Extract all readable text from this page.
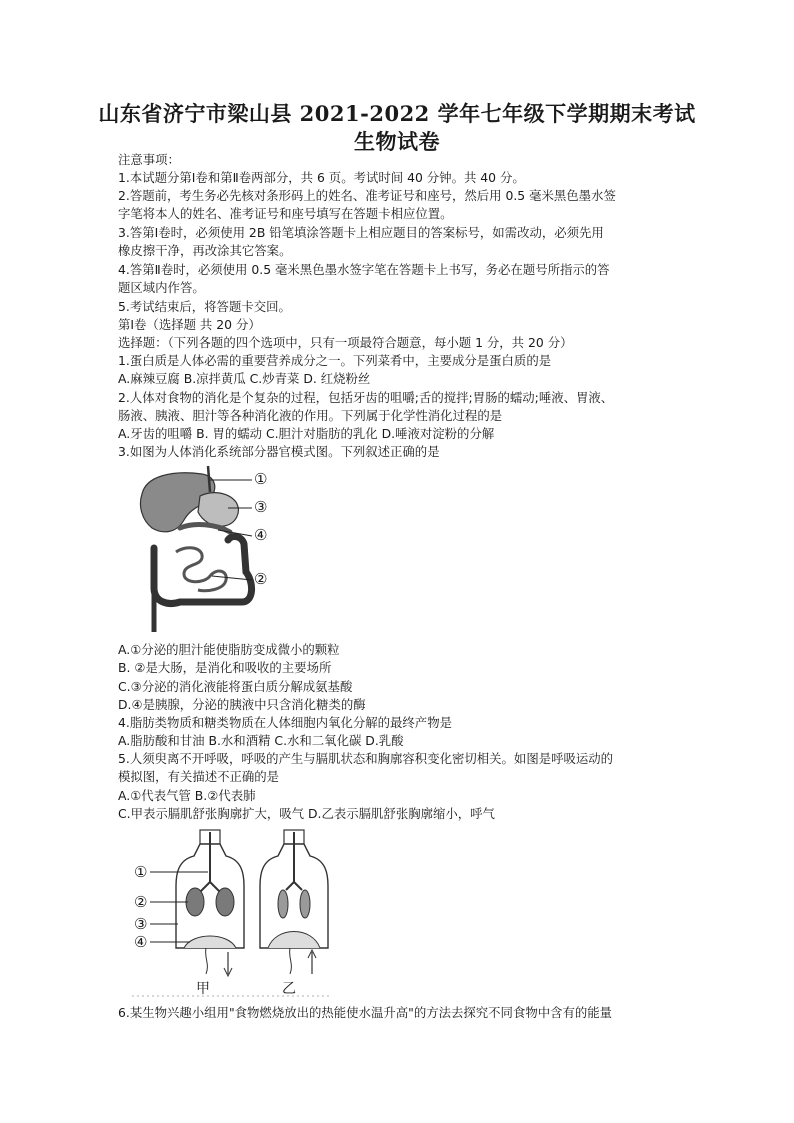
山东省济宁市梁山县 2021-2022 学年七年级下学期期末考试
生物试卷
注意事项：
1.本试题分第Ⅰ卷和第Ⅱ卷两部分，共 6 页。考试时间 40 分钟。共 40 分。
2.答题前，考生务必先核对条形码上的姓名、准考证号和座号，然后用 0.5 毫米黑色墨水签
字笔将本人的姓名、准考证号和座号填写在答题卡相应位置。
3.答第Ⅰ卷时，必须使用 2B 铅笔填涂答题卡上相应题目的答案标号，如需改动，必须先用
橡皮擦干净，再改涂其它答案。
4.答第Ⅱ卷时，必须使用 0.5 毫米黑色墨水签字笔在答题卡上书写，务必在题号所指示的答
题区域内作答。
5.考试结束后，将答题卡交回。
第Ⅰ卷（选择题 共 20 分）
选择题：（下列各题的四个选项中，只有一项最符合题意，每小题 1 分，共 20 分）
1.蛋白质是人体必需的重要营养成分之一。下列菜肴中，主要成分是蛋白质的是
A.麻辣豆腐 B.凉拌黄瓜 C.炒青菜 D. 红烧粉丝
2.人体对食物的消化是个复杂的过程，包括牙齿的咀嚼;舌的搅拌;胃肠的蠕动;唾液、胃液、
肠液、胰液、胆汁等各种消化液的作用。下列属于化学性消化过程的是
A.牙齿的咀嚼 B. 胃的蠕动 C.胆汁对脂肪的乳化 D.唾液对淀粉的分解
3.如图为人体消化系统部分器官模式图。下列叙述正确的是
①
③
④
②
A.①分泌的胆汁能使脂肪变成微小的颗粒
B. ②是大肠，是消化和吸收的主要场所
C.③分泌的消化液能将蛋白质分解成氨基酸
D.④是胰腺，分泌的胰液中只含消化糖类的酶
4.脂肪类物质和糖类物质在人体细胞内氧化分解的最终产物是
A.脂肪酸和甘油 B.水和酒精 C.水和二氧化碳 D.乳酸
5.人须臾离不开呼吸，呼吸的产生与膈肌状态和胸廓容积变化密切相关。如图是呼吸运动的
模拟图，有关描述不正确的是
A.①代表气管 B.②代表肺
C.甲表示膈肌舒张胸廓扩大，吸气 D.乙表示膈肌舒张胸廓缩小，呼气
①
②
③
④
甲	乙
6.某生物兴趣小组用"食物燃烧放出的热能使水温升高"的方法去探究不同食物中含有的能量
